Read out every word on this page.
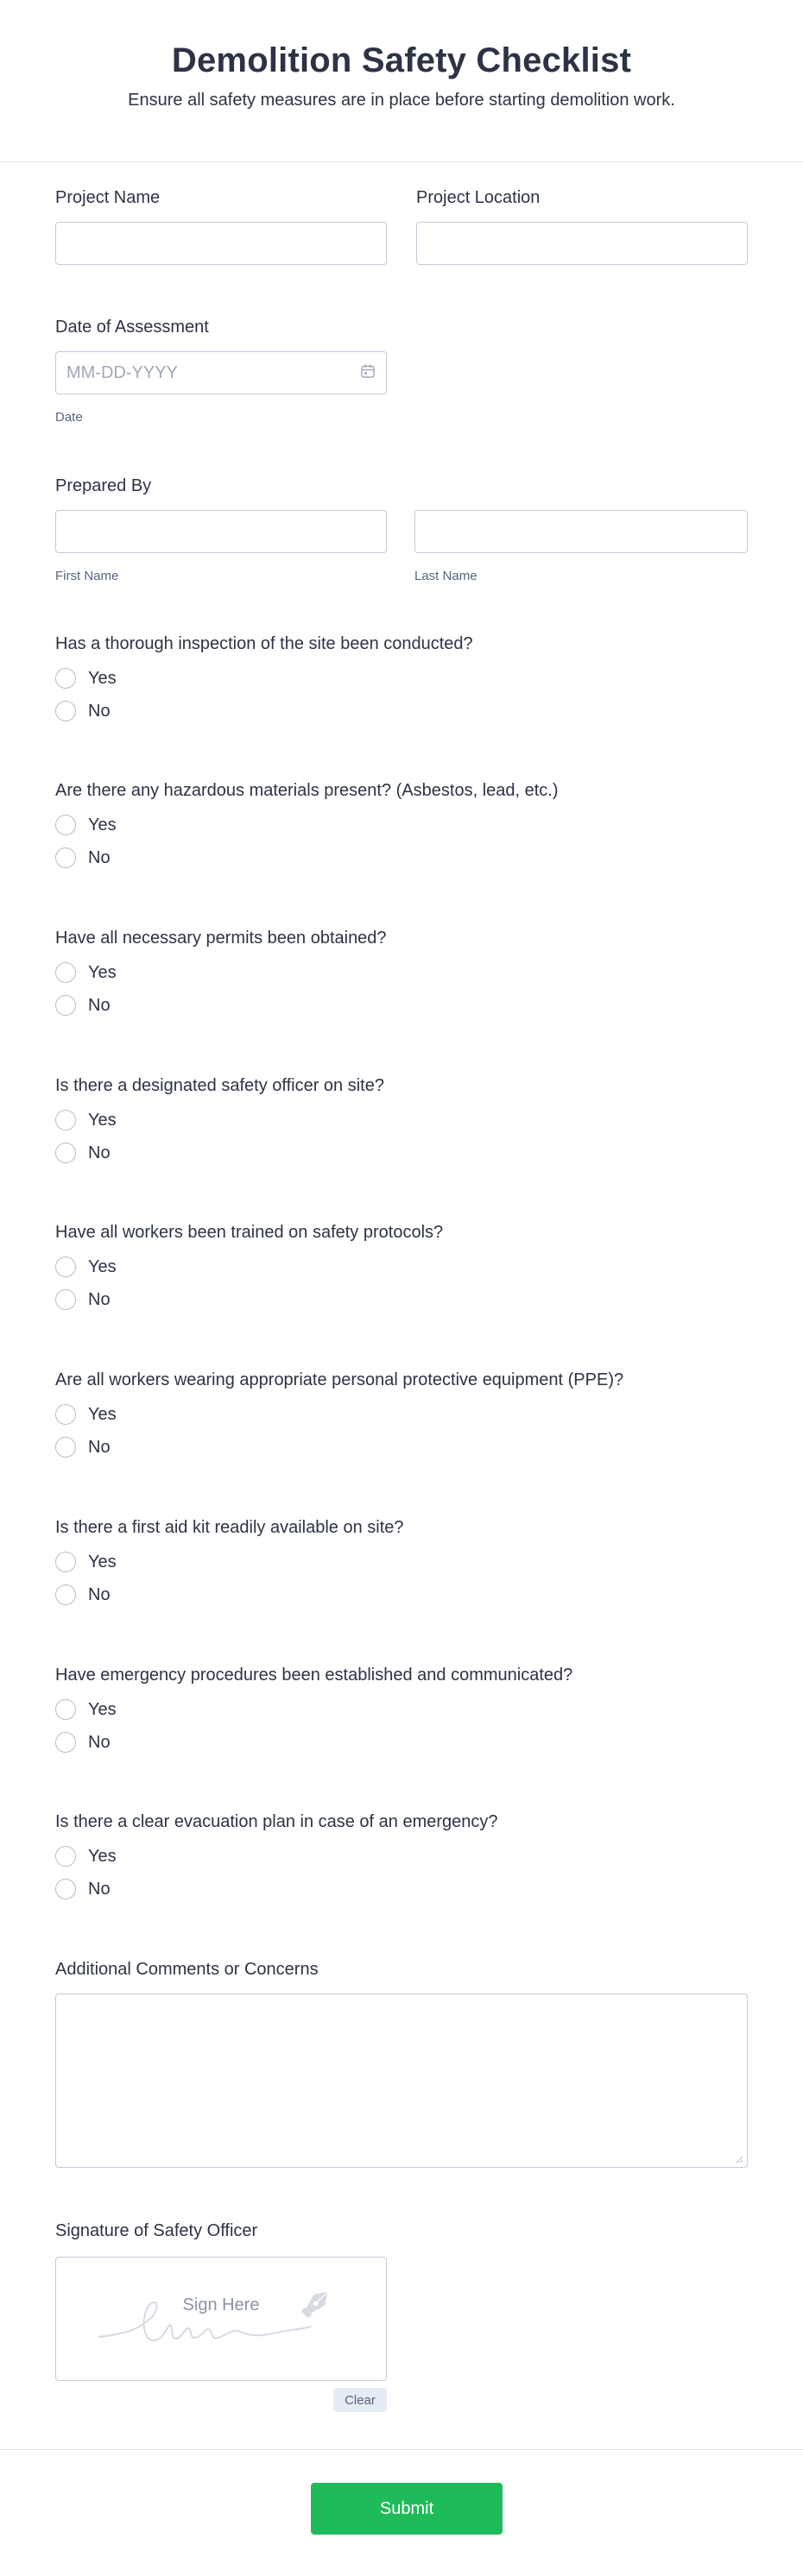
Demolition Safety Checklist

Ensure all safety measures are in place before starting demolition work.

Project Name	Project Location
Date of Assessment
MM-DD-YYYY
Date
Prepared By
First Name	Last Name
Has a thorough inspection of the site been conducted?
Yes
No
Are there any hazardous materials present? (Asbestos, lead, etc.)
Yes
No
Have all necessary permits been obtained?
Yes
No
Is there a designated safety officer on site?
Yes
No
Have all workers been trained on safety protocols?
Yes
No
Are all workers wearing appropriate personal protective equipment (PPE)?
Yes
No
Is there a first aid kit readily available on site?
Yes
No
Have emergency procedures been established and communicated?
Yes
No
Is there a clear evacuation plan in case of an emergency?
Yes
No
Additional Comments or Concerns
Signature of Safety Officer
Sign Here
Clear
Submit
